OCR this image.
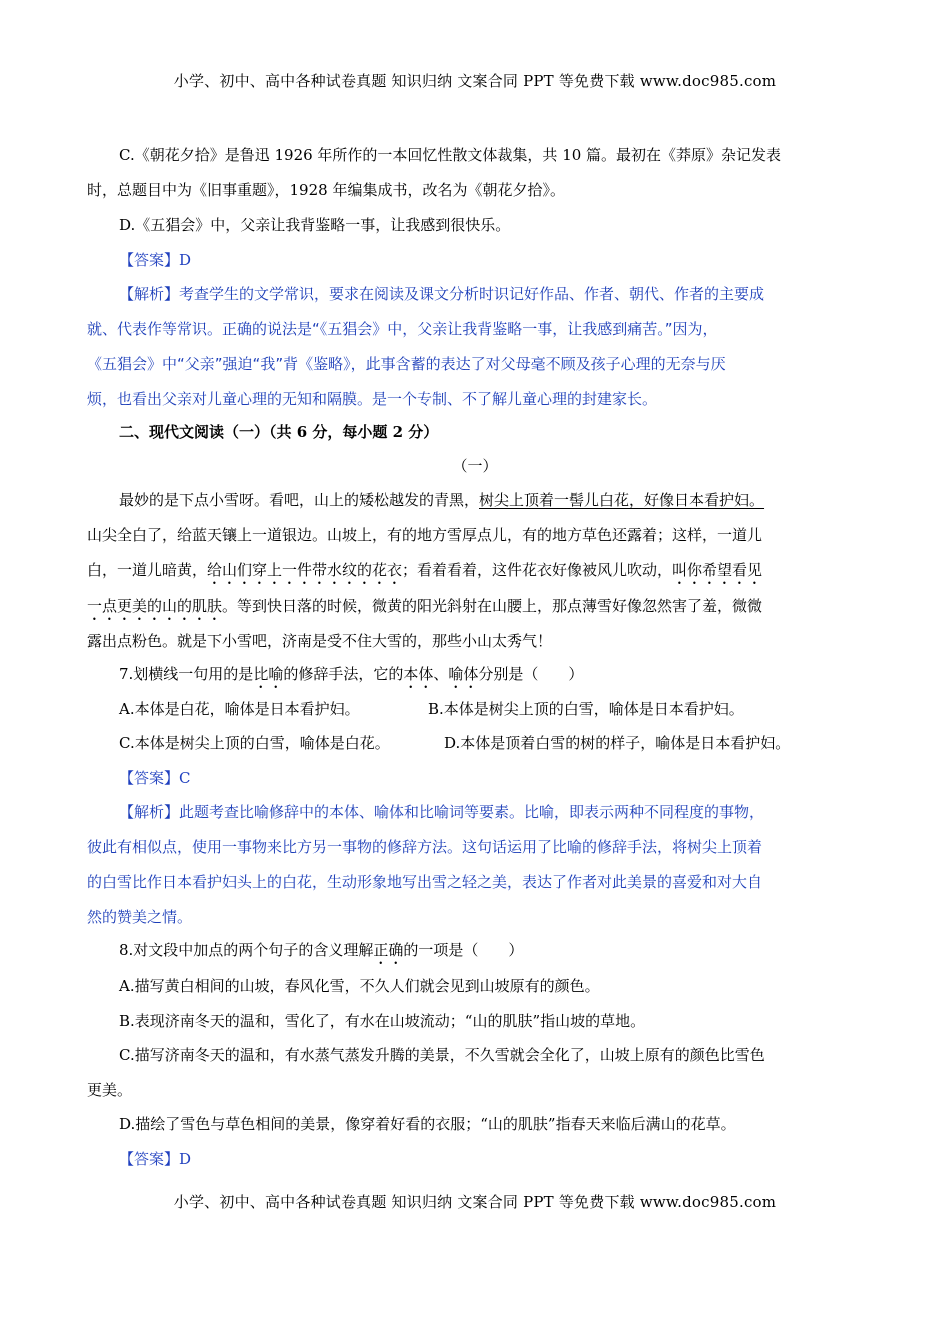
小学、初中、高中各种试卷真题 知识归纳 文案合同 PPT 等免费下载 www.doc985.com
C.《朝花夕拾》是鲁迅 1926 年所作的一本回忆性散文体裁集，共 10 篇。最初在《莽原》杂记发表
时，总题目中为《旧事重题》，1928 年编集成书，改名为《朝花夕拾》。
D.《五猖会》中，父亲让我背鉴略一事，让我感到很快乐。
【答案】D
【解析】考查学生的文学常识，要求在阅读及课文分析时识记好作品、作者、朝代、作者的主要成
就、代表作等常识。正确的说法是“《五猖会》中，父亲让我背鉴略一事，让我感到痛苦。”因为，
《五猖会》中“父亲”强迫“我”背《鉴略》，此事含蓄的表达了对父母毫不顾及孩子心理的无奈与厌
烦，也看出父亲对儿童心理的无知和隔膜。是一个专制、不了解儿童心理的封建家长。
二、现代文阅读（一）（共 6 分，每小题 2 分）
（一）
最妙的是下点小雪呀。看吧，山上的矮松越发的青黑，树尖上顶着一髻儿白花，好像日本看护妇。
山尖全白了，给蓝天镶上一道银边。山坡上，有的地方雪厚点儿，有的地方草色还露着；这样，一道儿
白，一道儿暗黄，给山们穿上一件带水纹的花衣；看着看着，这件花衣好像被风儿吹动，叫你希望看见
一点更美的山的肌肤。等到快日落的时候，微黄的阳光斜射在山腰上，那点薄雪好像忽然害了羞，微微
露出点粉色。就是下小雪吧，济南是受不住大雪的，那些小山太秀气！
7.划横线一句用的是比喻的修辞手法，它的本体、喻体分别是（　　）
A.本体是白花，喻体是日本看护妇。	B.本体是树尖上顶的白雪，喻体是日本看护妇。
C.本体是树尖上顶的白雪，喻体是白花。	D.本体是顶着白雪的树的样子，喻体是日本看护妇。
【答案】C
【解析】此题考查比喻修辞中的本体、喻体和比喻词等要素。比喻，即表示两种不同程度的事物，
彼此有相似点，使用一事物来比方另一事物的修辞方法。这句话运用了比喻的修辞手法，将树尖上顶着
的白雪比作日本看护妇头上的白花，生动形象地写出雪之轻之美，表达了作者对此美景的喜爱和对大自
然的赞美之情。
8.对文段中加点的两个句子的含义理解正确的一项是（　　）
A.描写黄白相间的山坡，春风化雪，不久人们就会见到山坡原有的颜色。
B.表现济南冬天的温和，雪化了，有水在山坡流动；“山的肌肤”指山坡的草地。
C.描写济南冬天的温和，有水蒸气蒸发升腾的美景，不久雪就会全化了，山坡上原有的颜色比雪色
更美。
D.描绘了雪色与草色相间的美景，像穿着好看的衣服；“山的肌肤”指春天来临后满山的花草。
【答案】D
小学、初中、高中各种试卷真题 知识归纳 文案合同 PPT 等免费下载 www.doc985.com
